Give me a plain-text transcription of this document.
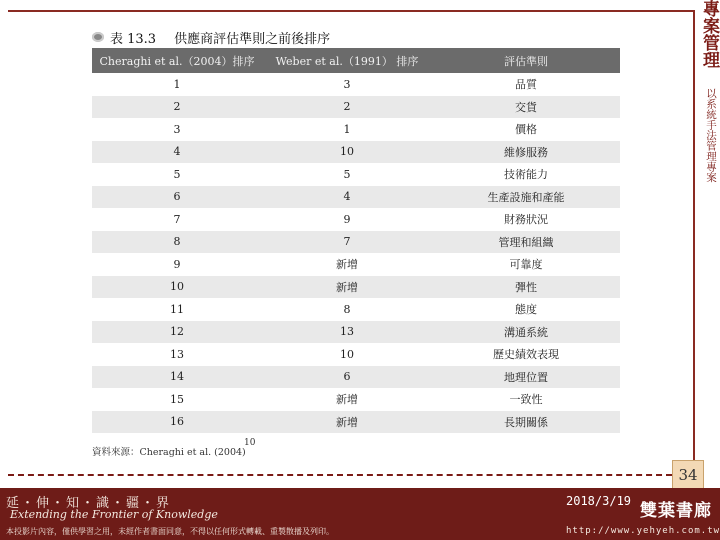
專案管理
以系統手法管理專案
表 13.3 供應商評估準則之前後排序
Cheraghi et al.（2004）排序	Weber et al.（1991） 排序	評估準則
1	3	品質
2	2	交貨
3	1	價格
4	10	維修服務
5	5	技術能力
6	4	生產設施和產能
7	9	財務狀況
8	7	管理和組織
9	新增	可靠度
10	新增	彈性
11	8	態度
12	13	溝通系統
13	10	歷史績效表現
14	6	地理位置
15	新增	一致性
16	新增	長期關係
資料來源：Cheraghi et al. (2004)
10
34
延・伸・知・識・疆・界
Extending the Frontier of Knowledge
本投影片內容，僅供學習之用，未經作者書面同意，不得以任何形式轉載、重製散播及列印。
2018/3/19 雙葉書廊
http://www.yehyeh.com.tw
